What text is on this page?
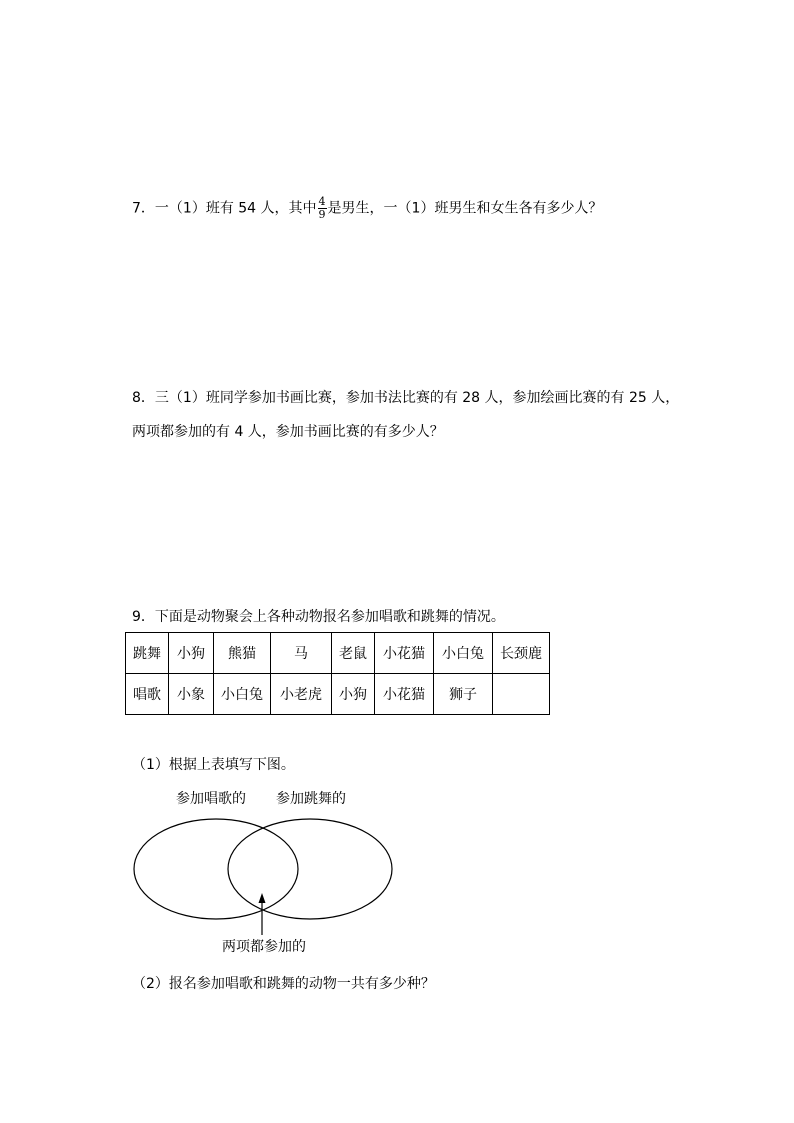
7．一（1）班有 54 人，其中 $\frac{4}{9}$ 是男生，一（1）班男生和女生各有多少人？
8．三（1）班同学参加书画比赛，参加书法比赛的有 28 人，参加绘画比赛的有 25 人，
两项都参加的有 4 人，参加书画比赛的有多少人？
9．下面是动物聚会上各种动物报名参加唱歌和跳舞的情况。
跳舞	小狗	熊猫	马	老鼠	小花猫	小白兔	长颈鹿
唱歌	小象	小白兔	小老虎	小狗	小花猫	狮子	
（1）根据上表填写下图。
参加唱歌的 参加跳舞的
两项都参加的
（2）报名参加唱歌和跳舞的动物一共有多少种？
